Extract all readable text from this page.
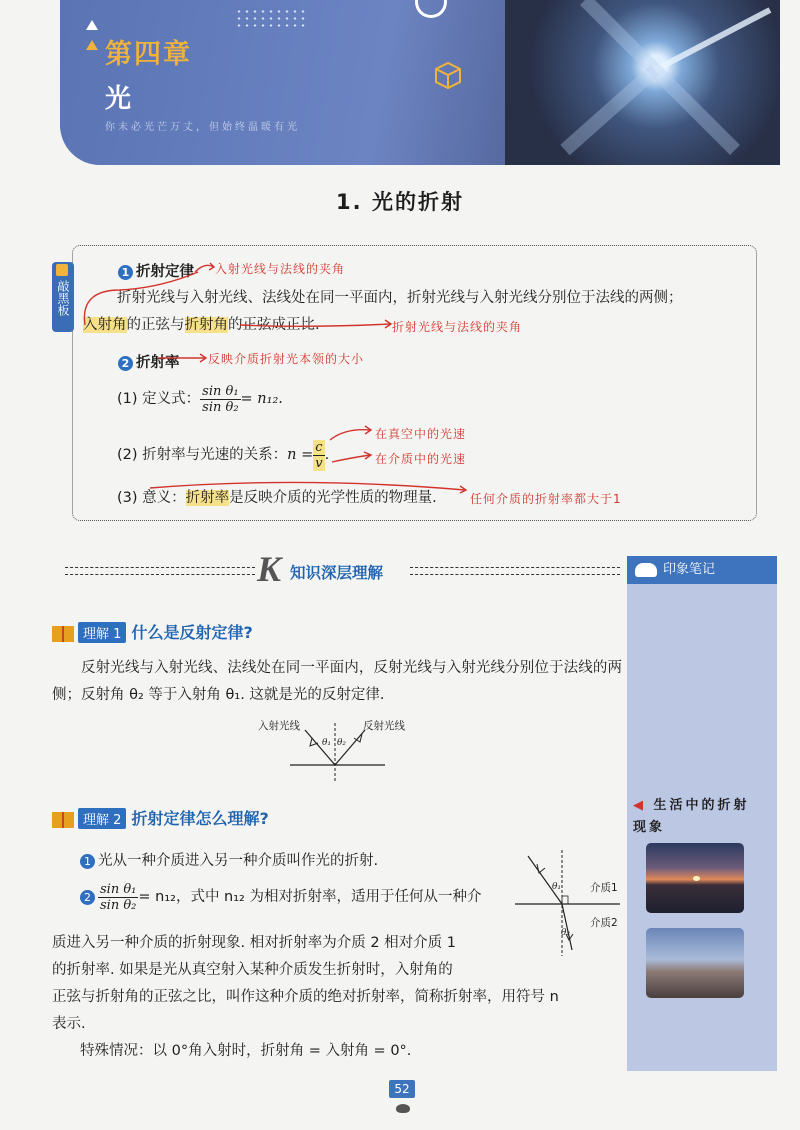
第四章
光
你未必光芒万丈，但始终温暖有光
1. 光的折射
敲黑板
1 折射定律 入射光线与法线的夹角
折射光线与入射光线、法线处在同一平面内，折射光线与入射光线分别位于法线的两侧；
入射角的正弦与折射角的正弦成正比.	折射光线与法线的夹角
2 折射率 反映介质折射光本领的大小
(1) 定义式： $\frac{\text{sin θ₁}}{\text{sin θ₂}} = n_{12}$.
(2) 折射率与光速的关系：$n = \frac{c}{v}$ .
在真空中的光速
在介质中的光速
(3) 意义：折射率是反映介质的光学性质的物理量.	任何介质的折射率都大于1
K 知识深层理解	印象笔记
◀ 生活中的折射现象
理解 1 什么是反射定律?
反射光线与入射光线、法线处在同一平面内，反射光线与入射光线分别位于法线的两侧；反射角 θ₂ 等于入射角 θ₁. 这就是光的反射定律.
入射光线	反射光线
θ₁ θ₂
理解 2 折射定律怎么理解?
1 光从一种介质进入另一种介质叫作光的折射.
$2 \frac{\text{sin θ₁}}{\text{sin θ₂}} = n_{12}$，式中 n₁₂ 为相对折射率，适用于任何从一种介
质进入另一种介质的折射现象. 相对折射率为介质 2 相对介质 1
的折射率. 如果是光从真空射入某种介质发生折射时，入射角的
正弦与折射角的正弦之比，叫作这种介质的绝对折射率，简称折射率，用符号 n
表示.
特殊情况：以 0°角入射时，折射角 = 入射角 = 0°.
介质1
介质2
θ₁
θ₂
52
